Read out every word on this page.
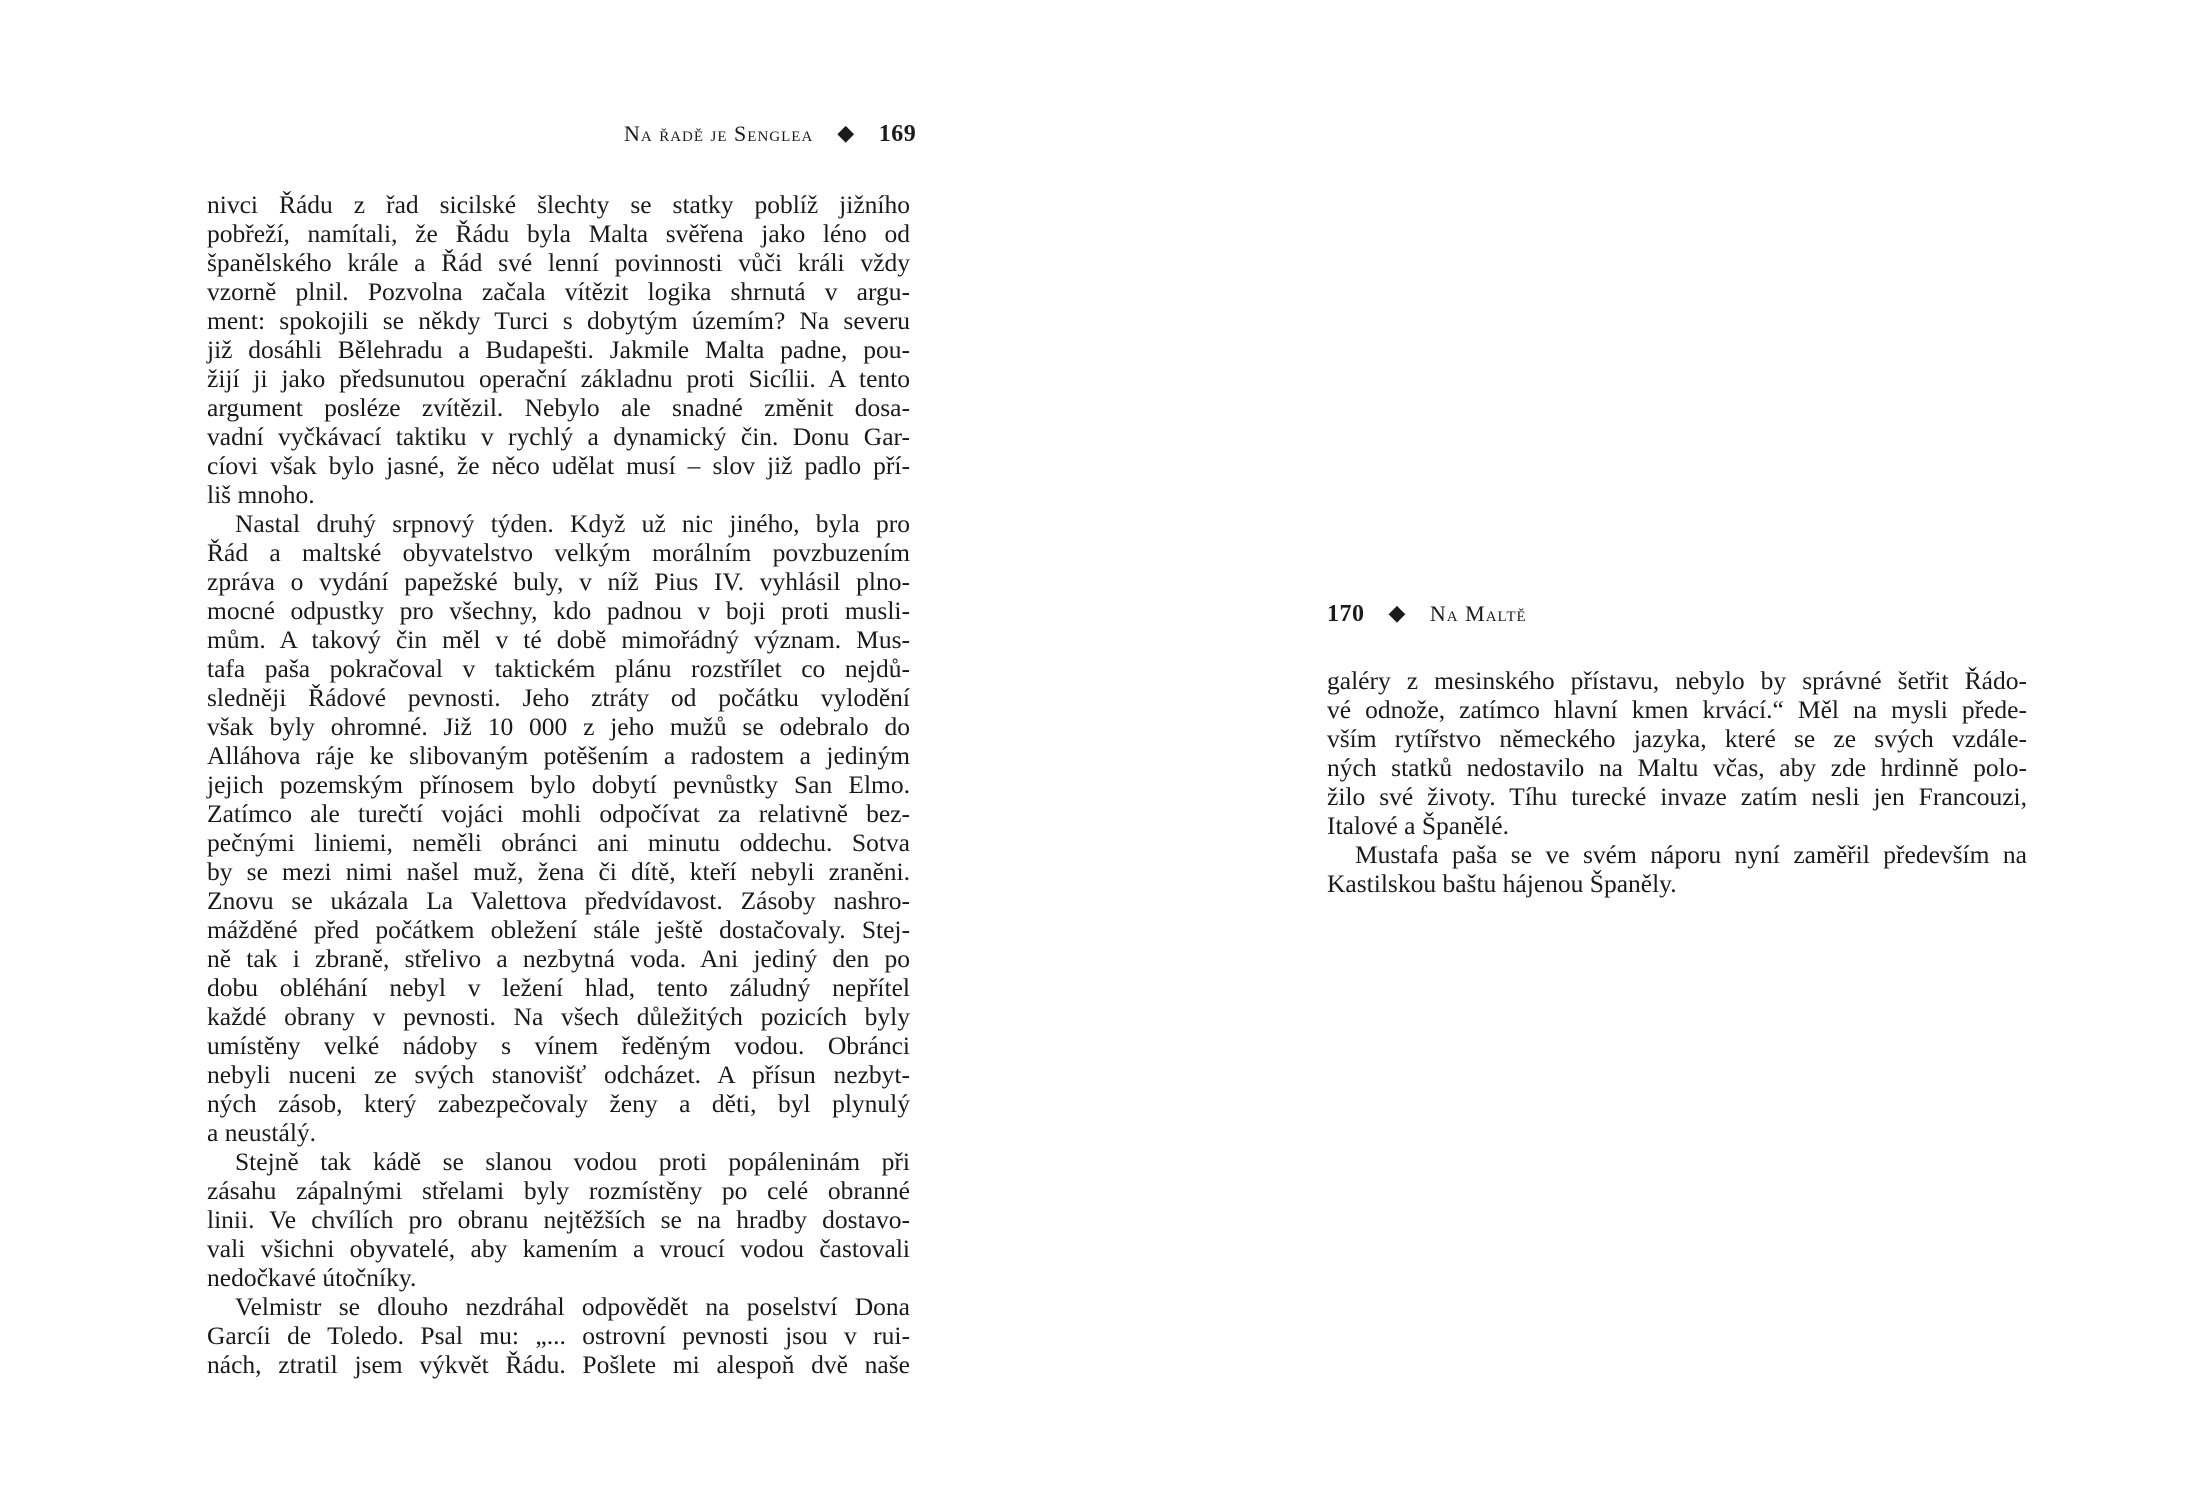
Na řadě je Senglea ◆ 169
nivci Řádu z řad sicilské šlechty se statky poblíž jižního
pobřeží, namítali, že Řádu byla Malta svěřena jako léno od
španělského krále a Řád své lenní povinnosti vůči králi vždy
vzorně plnil. Pozvolna začala vítězit logika shrnutá v argu-
ment: spokojili se někdy Turci s dobytým územím? Na severu
již dosáhli Bělehradu a Budapešti. Jakmile Malta padne, pou-
žijí ji jako předsunutou operační základnu proti Sicílii. A tento
argument posléze zvítězil. Nebylo ale snadné změnit dosa-
vadní vyčkávací taktiku v rychlý a dynamický čin. Donu Gar-
cíovi však bylo jasné, že něco udělat musí – slov již padlo pří-
liš mnoho.
Nastal druhý srpnový týden. Když už nic jiného, byla pro
Řád a maltské obyvatelstvo velkým morálním povzbuzením
zpráva o vydání papežské buly, v níž Pius IV. vyhlásil plno-
mocné odpustky pro všechny, kdo padnou v boji proti musli-
mům. A takový čin měl v té době mimořádný význam. Mus-
tafa paša pokračoval v taktickém plánu rozstřílet co nejdů-
sledněji Řádové pevnosti. Jeho ztráty od počátku vylodění
však byly ohromné. Již 10 000 z jeho mužů se odebralo do
Alláhova ráje ke slibovaným potěšením a radostem a jediným
jejich pozemským přínosem bylo dobytí pevnůstky San Elmo.
Zatímco ale turečtí vojáci mohli odpočívat za relativně bez-
pečnými liniemi, neměli obránci ani minutu oddechu. Sotva
by se mezi nimi našel muž, žena či dítě, kteří nebyli zraněni.
Znovu se ukázala La Valettova předvídavost. Zásoby nashro-
mážděné před počátkem obležení stále ještě dostačovaly. Stej-
ně tak i zbraně, střelivo a nezbytná voda. Ani jediný den po
dobu obléhání nebyl v ležení hlad, tento záludný nepřítel
každé obrany v pevnosti. Na všech důležitých pozicích byly
umístěny velké nádoby s vínem ředěným vodou. Obránci
nebyli nuceni ze svých stanovišť odcházet. A přísun nezbyt-
ných zásob, který zabezpečovaly ženy a děti, byl plynulý
a neustálý.
Stejně tak kádě se slanou vodou proti popáleninám při
zásahu zápalnými střelami byly rozmístěny po celé obranné
linii. Ve chvílích pro obranu nejtěžších se na hradby dostavo-
vali všichni obyvatelé, aby kamením a vroucí vodou častovali
nedočkavé útočníky.
Velmistr se dlouho nezdráhal odpovědět na poselství Dona
Garcíi de Toledo. Psal mu: „... ostrovní pevnosti jsou v rui-
nách, ztratil jsem výkvět Řádu. Pošlete mi alespoň dvě naše
170 ◆ Na Maltě
galéry z mesinského přístavu, nebylo by správné šetřit Řádo-
vé odnože, zatímco hlavní kmen krvácí.“ Měl na mysli přede-
vším rytířstvo německého jazyka, které se ze svých vzdále-
ných statků nedostavilo na Maltu včas, aby zde hrdinně polo-
žilo své životy. Tíhu turecké invaze zatím nesli jen Francouzi,
Italové a Španělé.
Mustafa paša se ve svém náporu nyní zaměřil především na
Kastilskou baštu hájenou Španěly.
